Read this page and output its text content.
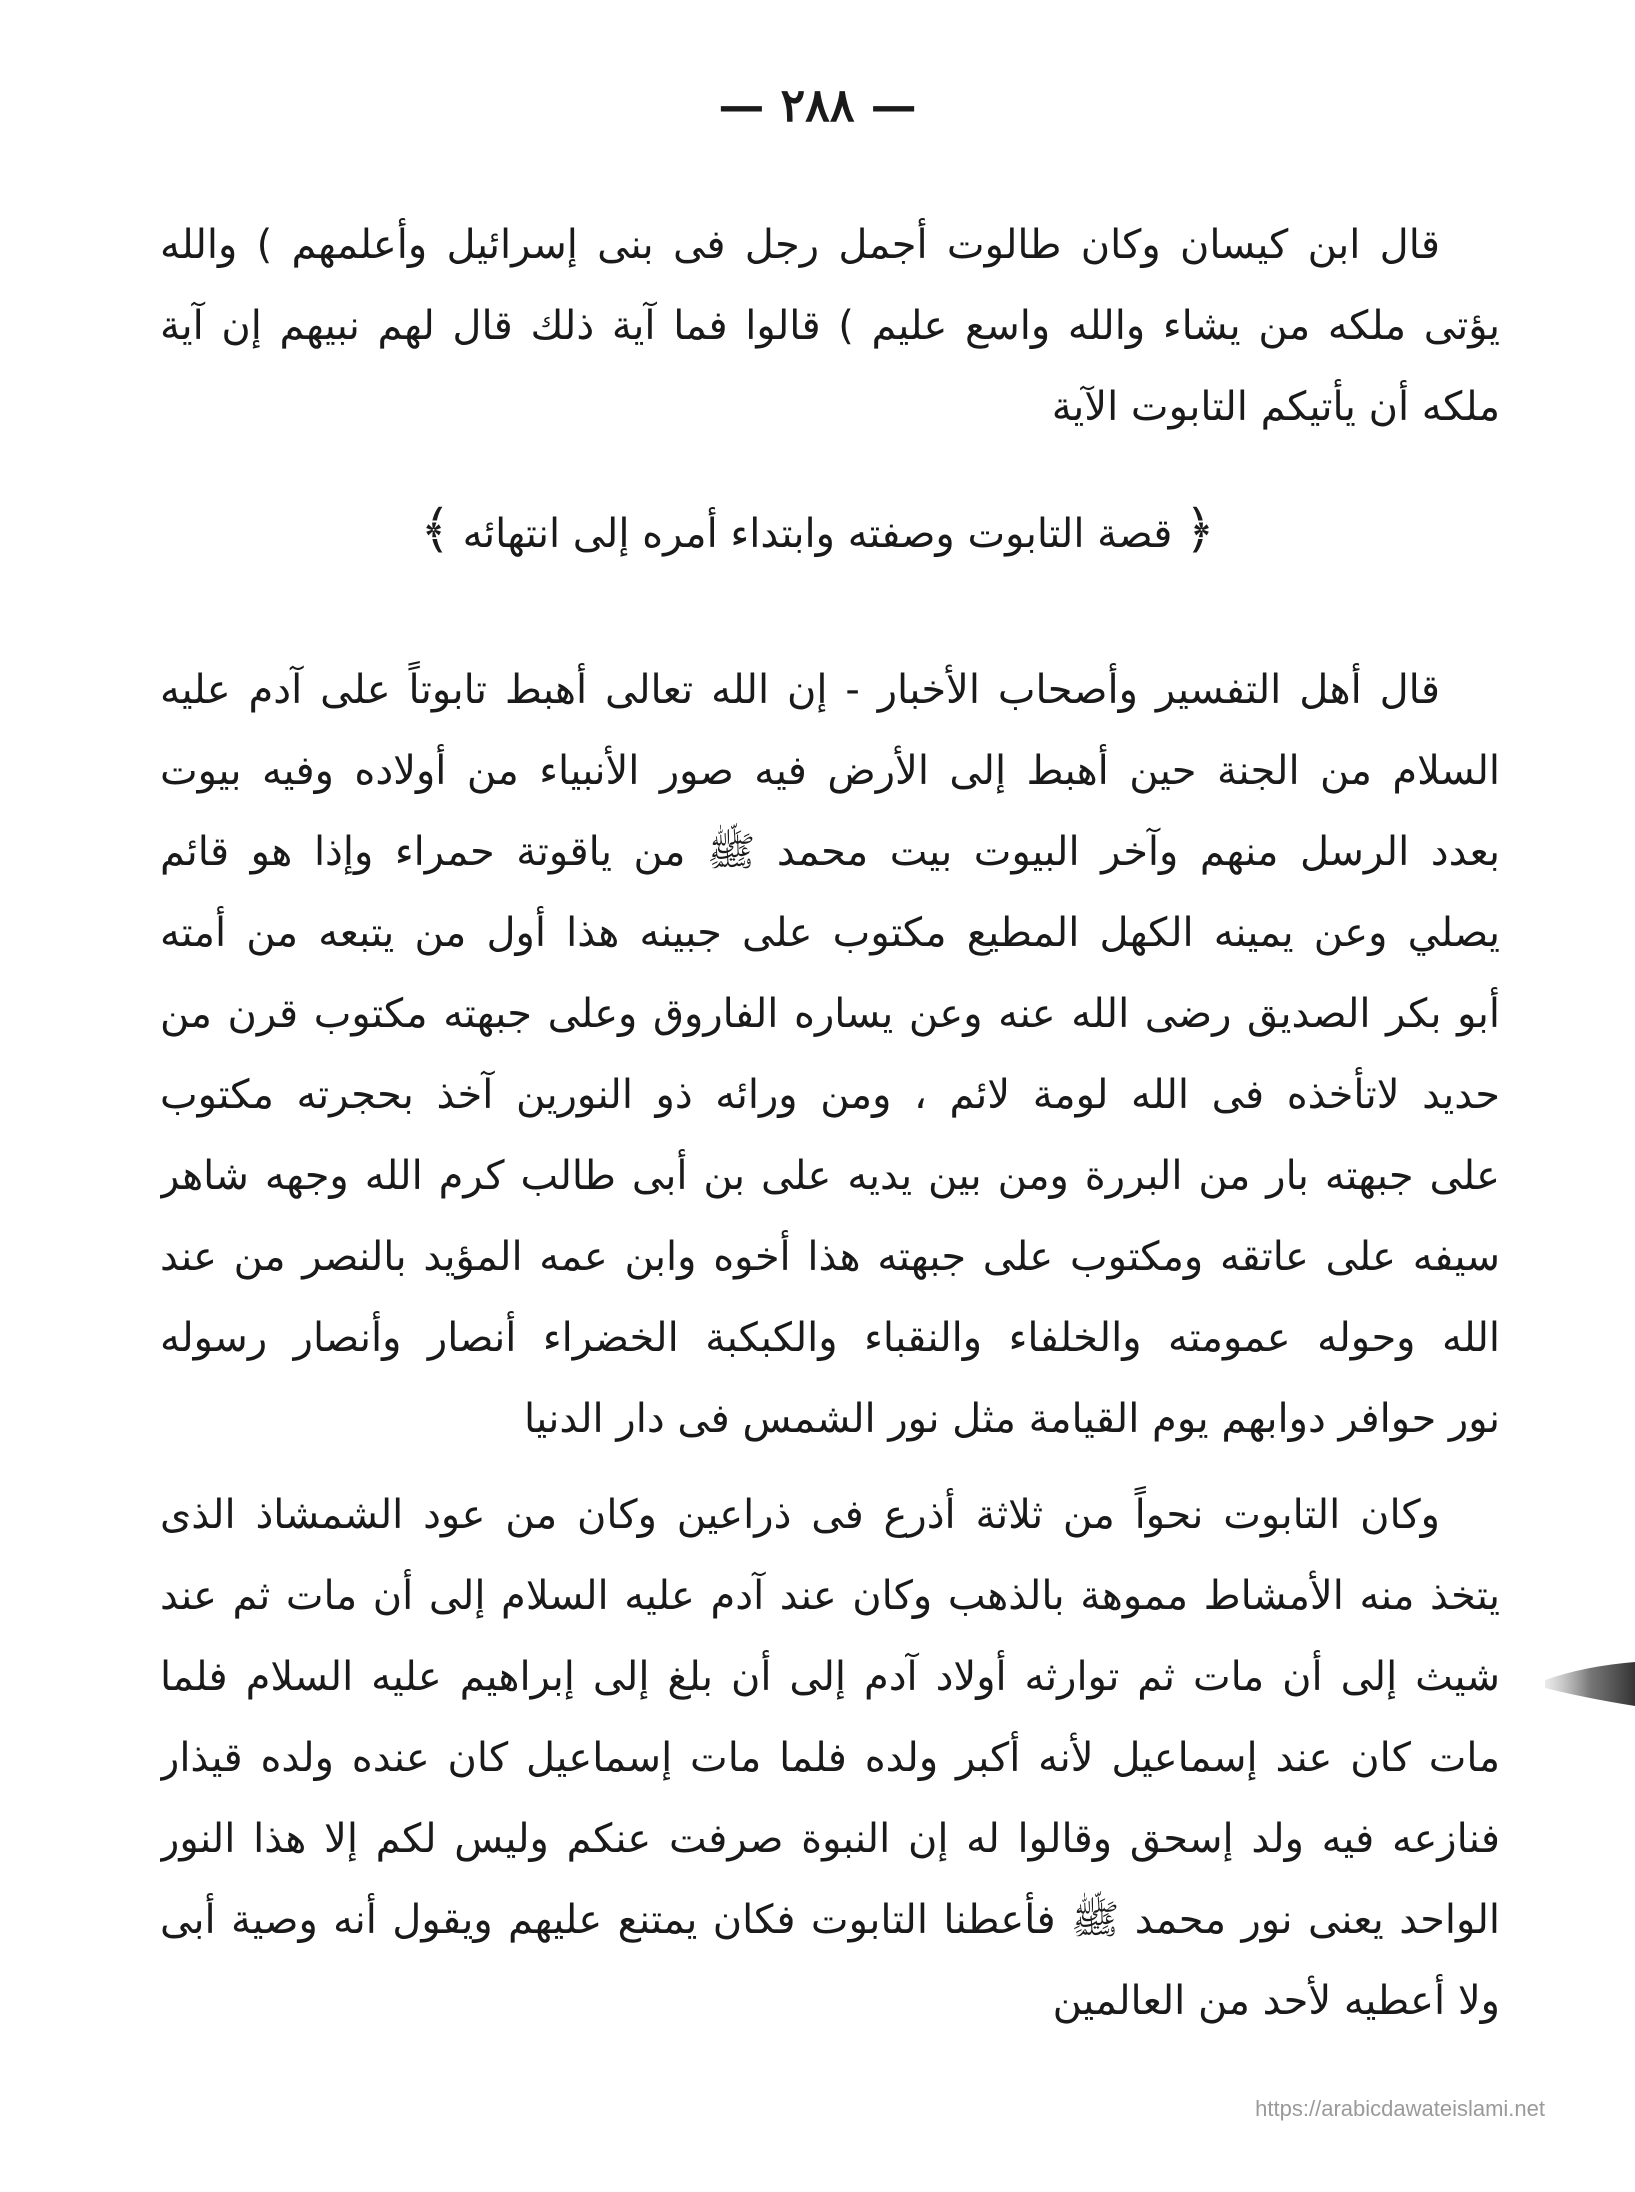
— ٢٨٨ —
قال ابن كيسان وكان طالوت أجمل رجل فى بنى إسرائيل وأعلمهم ) والله
يؤتى ملكه من يشاء والله واسع عليم ) قالوا فما آية ذلك قال لهم نبيهم إن آية
ملكه أن يأتيكم التابوت الآية
﴿قصة التابوت وصفته وابتداء أمره إلى انتهائه﴾
قال أهل التفسير وأصحاب الأخبار - إن الله تعالى أهبط تابوتاً على آدم عليه
السلام من الجنة حين أهبط إلى الأرض فيه صور الأنبياء من أولاده وفيه بيوت
بعدد الرسل منهم وآخر البيوت بيت محمد ﷺ من ياقوتة حمراء وإذا هو قائم
يصلي وعن يمينه الكهل المطيع مكتوب على جبينه هذا أول من يتبعه من أمته
أبو بكر الصديق رضى الله عنه وعن يساره الفاروق وعلى جبهته مكتوب قرن من
حديد لاتأخذه فى الله لومة لائم ، ومن ورائه ذو النورين آخذ بحجرته مكتوب
على جبهته بار من البررة ومن بين يديه على بن أبى طالب كرم الله وجهه شاهر
سيفه على عاتقه ومكتوب على جبهته هذا أخوه وابن عمه المؤيد بالنصر من عند
الله وحوله عمومته والخلفاء والنقباء والكبكبة الخضراء أنصار وأنصار رسوله
نور حوافر دوابهم يوم القيامة مثل نور الشمس فى دار الدنيا
وكان التابوت نحواً من ثلاثة أذرع فى ذراعين وكان من عود الشمشاذ الذى
يتخذ منه الأمشاط مموهة بالذهب وكان عند آدم عليه السلام إلى أن مات ثم عند
شيث إلى أن مات ثم توارثه أولاد آدم إلى أن بلغ إلى إبراهيم عليه السلام فلما
مات كان عند إسماعيل لأنه أكبر ولده فلما مات إسماعيل كان عنده ولده قيذار
فنازعه فيه ولد إسحق وقالوا له إن النبوة صرفت عنكم وليس لكم إلا هذا النور
الواحد يعنى نور محمد ﷺ فأعطنا التابوت فكان يمتنع عليهم ويقول أنه وصية أبى
ولا أعطيه لأحد من العالمين
https://arabicdawateislami.net
